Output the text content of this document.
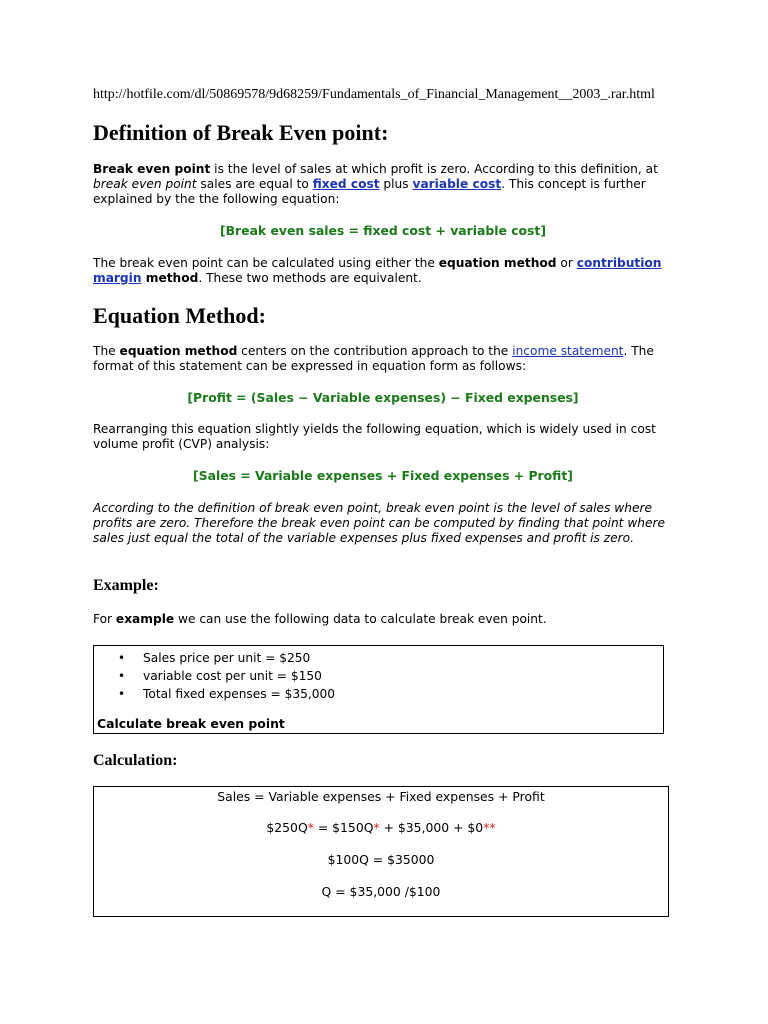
http://hotfile.com/dl/50869578/9d68259/Fundamentals_of_Financial_Management__2003_.rar.html
Definition of Break Even point:

Break even point is the level of sales at which profit is zero. According to this definition, at break even point sales are equal to fixed cost plus variable cost. This concept is further explained by the the following equation:

[Break even sales = fixed cost + variable cost]

The break even point can be calculated using either the equation method or contribution margin method. These two methods are equivalent.

Equation Method:

The equation method centers on the contribution approach to the income statement. The format of this statement can be expressed in equation form as follows:

[Profit = (Sales − Variable expenses) − Fixed expenses]

Rearranging this equation slightly yields the following equation, which is widely used in cost volume profit (CVP) analysis:

[Sales = Variable expenses + Fixed expenses + Profit]

According to the definition of break even point, break even point is the level of sales where profits are zero. Therefore the break even point can be computed by finding that point where sales just equal the total of the variable expenses plus fixed expenses and profit is zero.

Example:

For example we can use the following data to calculate break even point.

• Sales price per unit = $250
• variable cost per unit = $150
• Total fixed expenses = $35,000
Calculate break even point
Calculation:
Sales = Variable expenses + Fixed expenses + Profit
$250Q* = $150Q* + $35,000 + $0**
$100Q = $35000
Q = $35,000 /$100
